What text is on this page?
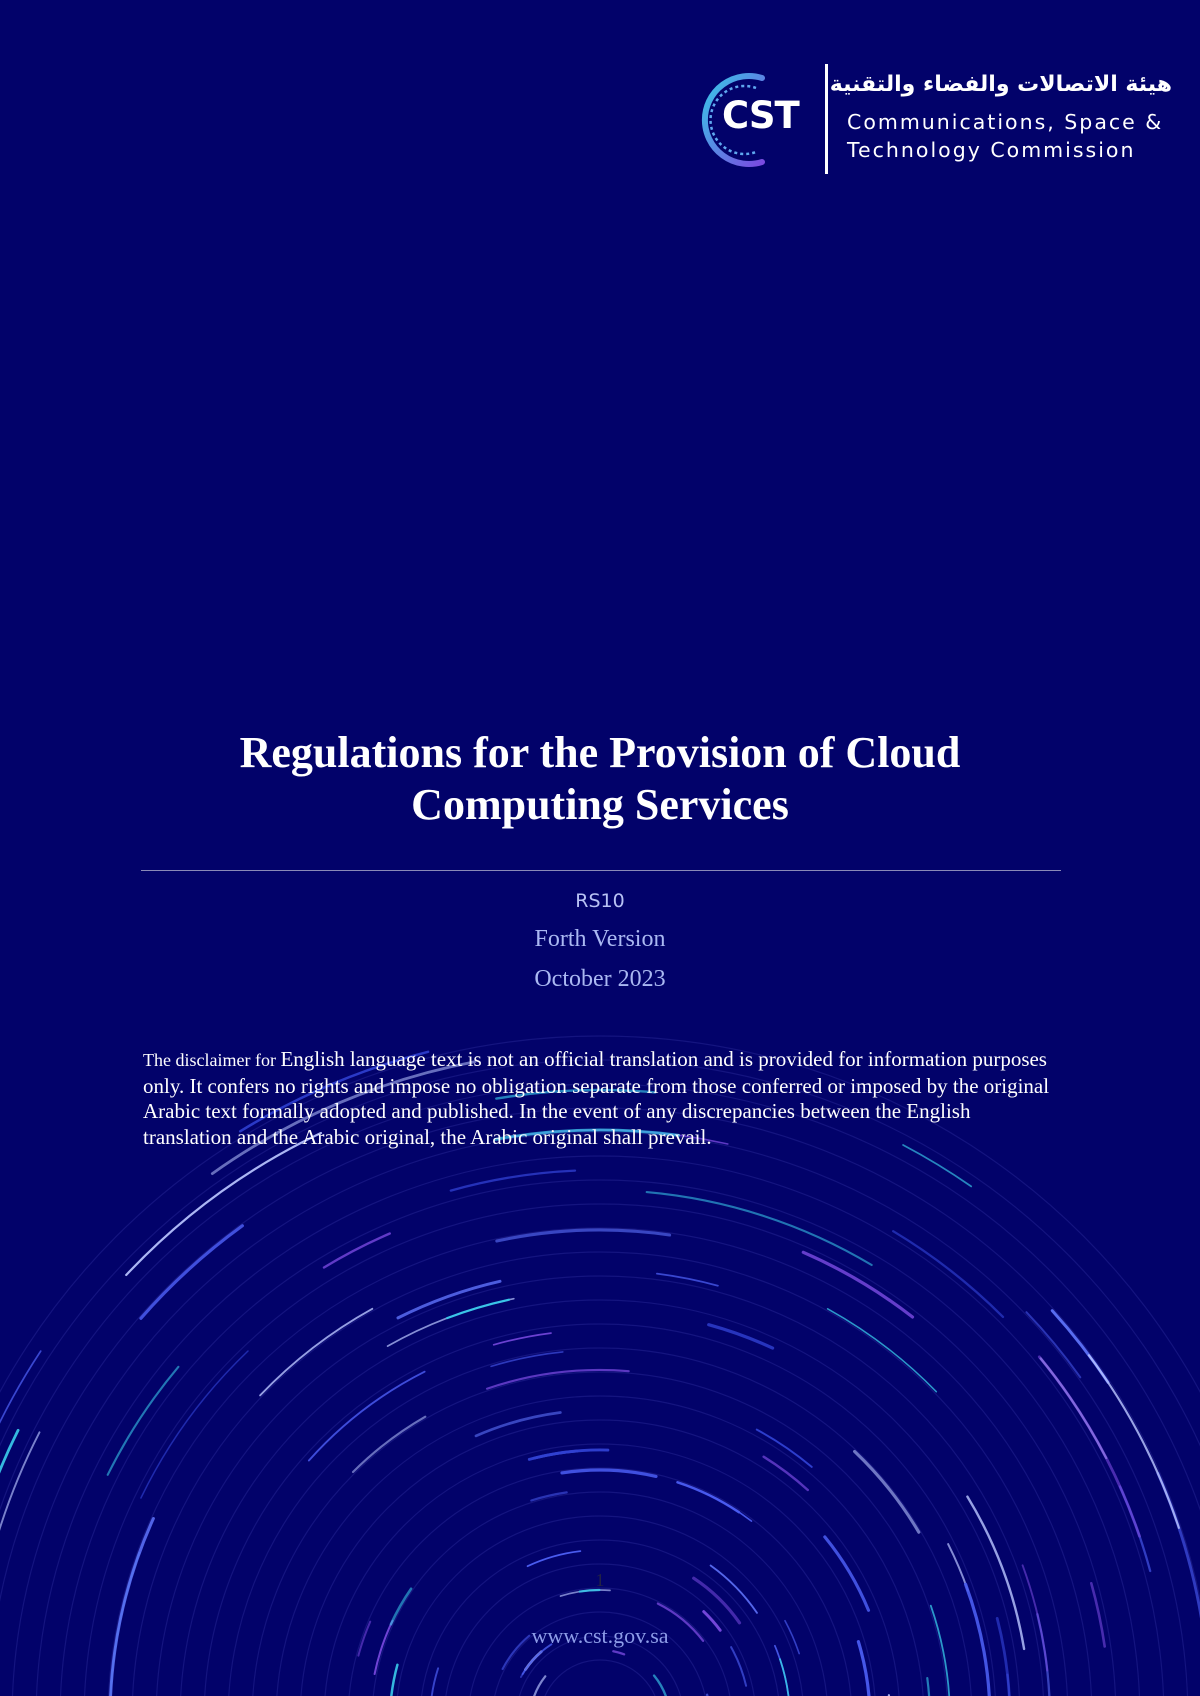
CST
هيئة الاتصالات والفضاء والتقنية
Communications, Space &
Technology Commission
Regulations for the Provision of Cloud
Computing Services
RS10
Forth Version
October 2023

The disclaimer for English language text is not an official translation and is provided for information purposes only. It confers no rights and impose no obligation separate from those conferred or imposed by the original Arabic text formally adopted and published. In the event of any discrepancies between the English translation and the Arabic original, the Arabic original shall prevail.

1
www.cst.gov.sa
